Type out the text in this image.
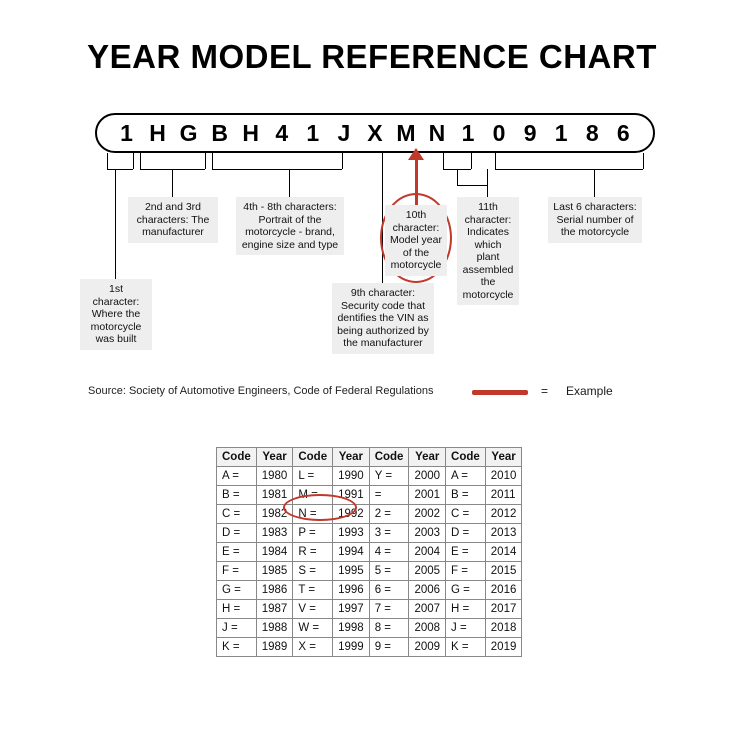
YEAR MODEL REFERENCE CHART
1 H G B H 4 1 J X M N 1 0 9 1 8 6
2nd and 3rd characters: The manufacturer
4th - 8th characters: Portrait of the motorcycle - brand, engine size and type
10th character: Model year of the motorcycle
11th character: Indicates which plant assembled the motorcycle
Last 6 characters: Serial number of the motorcycle
1st character: Where the motorcycle was built
9th character: Security code that dentifies the VIN as being authorized by the manufacturer
Source: Society of Automotive Engineers, Code of Federal Regulations	= Example
Code	Year	Code	Year	Code	Year	Code	Year
A =	1980	L =	1990	Y =	2000	A =	2010
B =	1981	M =	1991	=	2001	B =	2011
C =	1982	N =	1992	2 =	2002	C =	2012
D =	1983	P =	1993	3 =	2003	D =	2013
E =	1984	R =	1994	4 =	2004	E =	2014
F =	1985	S =	1995	5 =	2005	F =	2015
G =	1986	T =	1996	6 =	2006	G =	2016
H =	1987	V =	1997	7 =	2007	H =	2017
J =	1988	W =	1998	8 =	2008	J =	2018
K =	1989	X =	1999	9 =	2009	K =	2019
